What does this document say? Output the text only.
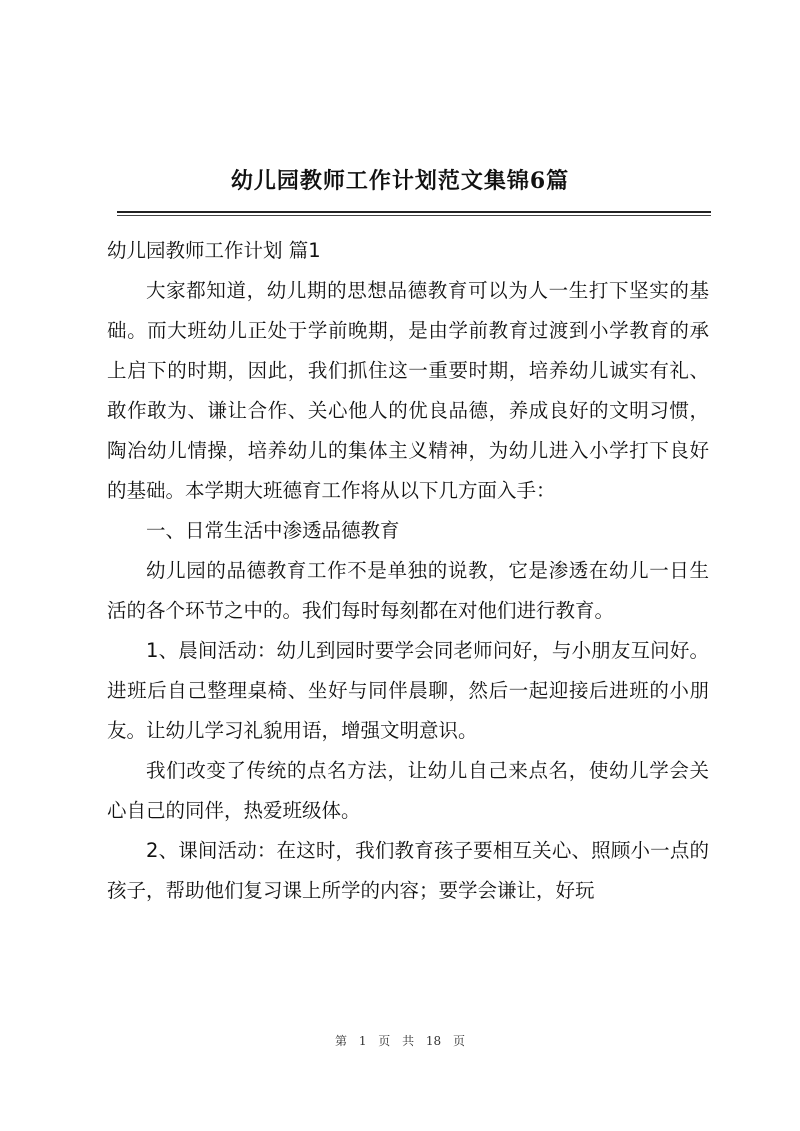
幼儿园教师工作计划范文集锦6篇

幼儿园教师工作计划 篇1

大家都知道，幼儿期的思想品德教育可以为人一生打下坚实的基础。而大班幼儿正处于学前晚期，是由学前教育过渡到小学教育的承上启下的时期，因此，我们抓住这一重要时期，培养幼儿诚实有礼、敢作敢为、谦让合作、关心他人的优良品德，养成良好的文明习惯，陶冶幼儿情操，培养幼儿的集体主义精神，为幼儿进入小学打下良好的基础。本学期大班德育工作将从以下几方面入手：

一、日常生活中渗透品德教育

幼儿园的品德教育工作不是单独的说教，它是渗透在幼儿一日生活的各个环节之中的。我们每时每刻都在对他们进行教育。

1、晨间活动：幼儿到园时要学会同老师问好，与小朋友互问好。进班后自己整理桌椅、坐好与同伴晨聊，然后一起迎接后进班的小朋友。让幼儿学习礼貌用语，增强文明意识。

我们改变了传统的点名方法，让幼儿自己来点名，使幼儿学会关心自己的同伴，热爱班级体。

2、课间活动：在这时，我们教育孩子要相互关心、照顾小一点的孩子，帮助他们复习课上所学的内容；要学会谦让，好玩

第 1 页 共 18 页
